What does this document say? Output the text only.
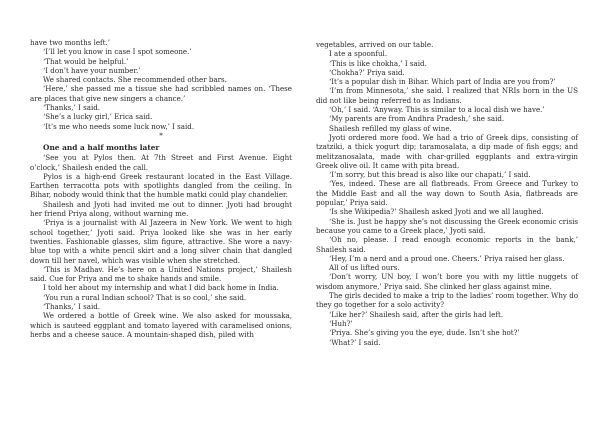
have two months left.’

‘I’ll let you know in case I spot someone.’

‘That would be helpful.’

‘I don’t have your number.’

We shared contacts. She recommended other bars.

‘Here,’ she passed me a tissue she had scribbled names on. ‘These are places that give new singers a chance.’

‘Thanks,’ I said.

‘She’s a lucky girl,’ Erica said.

‘It’s me who needs some luck now,’ I said.

*
One and a half months later

‘See you at Pylos then. At 7th Street and First Avenue. Eight o’clock,’ Shailesh ended the call.

Pylos is a high-end Greek restaurant located in the East Village. Earthen terracotta pots with spotlights dangled from the ceiling. In Bihar, nobody would think that the humble matki could play chandelier.

Shailesh and Jyoti had invited me out to dinner. Jyoti had brought her friend Priya along, without warning me.

‘Priya is a journalist with Al Jazeera in New York. We went to high school together,’ Jyoti said. Priya looked like she was in her early twenties. Fashionable glasses, slim figure, attractive. She wore a navy-blue top with a white pencil skirt and a long silver chain that dangled down till her navel, which was visible when she stretched.

‘This is Madhav. He’s here on a United Nations project,’ Shailesh said. Cue for Priya and me to shake hands and smile.

I told her about my internship and what I did back home in India.

‘You run a rural Indian school? That is so cool,’ she said.

‘Thanks,’ I said.

We ordered a bottle of Greek wine. We also asked for moussaka, which is sauteed eggplant and tomato layered with caramelised onions, herbs and a cheese sauce. A mountain-shaped dish, piled with

vegetables, arrived on our table.

I ate a spoonful.

‘This is like chokha,’ I said.

‘Chokha?’ Priya said.

‘It’s a popular dish in Bihar. Which part of India are you from?’

‘I’m from Minnesota,’ she said. I realized that NRIs born in the US did not like being referred to as Indians.

‘Oh,’ I said. ‘Anyway. This is similar to a local dish we have.’

‘My parents are from Andhra Pradesh,’ she said.

Shailesh refilled my glass of wine.

Jyoti ordered more food. We had a trio of Greek dips, consisting of tzatziki, a thick yogurt dip; taramosalata, a dip made of fish eggs; and melitzanosalata, made with char-grilled eggplants and extra-virgin Greek olive oil. It came with pita bread.

‘I’m sorry, but this bread is also like our chapati,’ I said.

‘Yes, indeed. These are all flatbreads. From Greece and Turkey to the Middle East and all the way down to South Asia, flatbreads are popular,’ Priya said.

‘Is she Wikipedia?’ Shailesh asked Jyoti and we all laughed.

‘She is. Just be happy she’s not discussing the Greek economic crisis because you came to a Greek place,’ Jyoti said.

‘Oh no, please. I read enough economic reports in the bank,’ Shailesh said.

‘Hey, I’m a nerd and a proud one. Cheers.’ Priya raised her glass.

All of us lifted ours.

‘Don’t worry, UN boy, I won’t bore you with my little nuggets of wisdom anymore,’ Priya said. She clinked her glass against mine.

The girls decided to make a trip to the ladies’ room together. Why do they go together for a solo activity?

‘Like her?’ Shailesh said, after the girls had left.

‘Huh?’

‘Priya. She’s giving you the eye, dude. Isn’t she hot?’

‘What?’ I said.
